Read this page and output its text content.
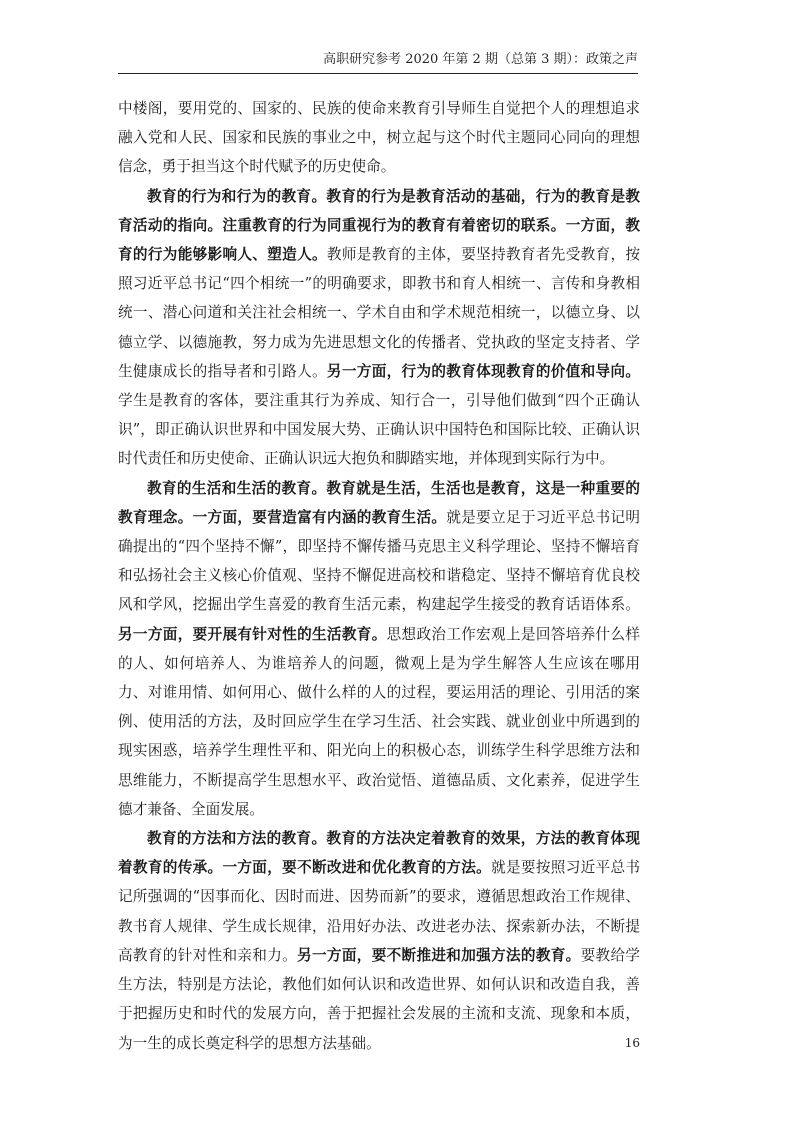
高职研究参考 2020 年第 2 期（总第 3 期）：政策之声

中楼阁，要用党的、国家的、民族的使命来教育引导师生自觉把个人的理想追求融入党和人民、国家和民族的事业之中，树立起与这个时代主题同心同向的理想信念，勇于担当这个时代赋予的历史使命。

教育的行为和行为的教育。教育的行为是教育活动的基础，行为的教育是教育活动的指向。注重教育的行为同重视行为的教育有着密切的联系。一方面，教育的行为能够影响人、塑造人。教师是教育的主体，要坚持教育者先受教育，按照习近平总书记“四个相统一”的明确要求，即教书和育人相统一、言传和身教相统一、潜心问道和关注社会相统一、学术自由和学术规范相统一，以德立身、以德立学、以德施教，努力成为先进思想文化的传播者、党执政的坚定支持者、学生健康成长的指导者和引路人。另一方面，行为的教育体现教育的价值和导向。学生是教育的客体，要注重其行为养成、知行合一，引导他们做到“四个正确认识”，即正确认识世界和中国发展大势、正确认识中国特色和国际比较、正确认识时代责任和历史使命、正确认识远大抱负和脚踏实地，并体现到实际行为中。

教育的生活和生活的教育。教育就是生活，生活也是教育，这是一种重要的教育理念。一方面，要营造富有内涵的教育生活。就是要立足于习近平总书记明确提出的“四个坚持不懈”，即坚持不懈传播马克思主义科学理论、坚持不懈培育和弘扬社会主义核心价值观、坚持不懈促进高校和谐稳定、坚持不懈培育优良校风和学风，挖掘出学生喜爱的教育生活元素，构建起学生接受的教育话语体系。另一方面，要开展有针对性的生活教育。思想政治工作宏观上是回答培养什么样的人、如何培养人、为谁培养人的问题，微观上是为学生解答人生应该在哪用力、对谁用情、如何用心、做什么样的人的过程，要运用活的理论、引用活的案例、使用活的方法，及时回应学生在学习生活、社会实践、就业创业中所遇到的现实困惑，培养学生理性平和、阳光向上的积极心态，训练学生科学思维方法和思维能力，不断提高学生思想水平、政治觉悟、道德品质、文化素养，促进学生德才兼备、全面发展。

教育的方法和方法的教育。教育的方法决定着教育的效果，方法的教育体现着教育的传承。一方面，要不断改进和优化教育的方法。就是要按照习近平总书记所强调的“因事而化、因时而进、因势而新”的要求，遵循思想政治工作规律、教书育人规律、学生成长规律，沿用好办法、改进老办法、探索新办法，不断提高教育的针对性和亲和力。另一方面，要不断推进和加强方法的教育。要教给学生方法，特别是方法论，教他们如何认识和改造世界、如何认识和改造自我，善于把握历史和时代的发展方向，善于把握社会发展的主流和支流、现象和本质，为一生的成长奠定科学的思想方法基础。	16
